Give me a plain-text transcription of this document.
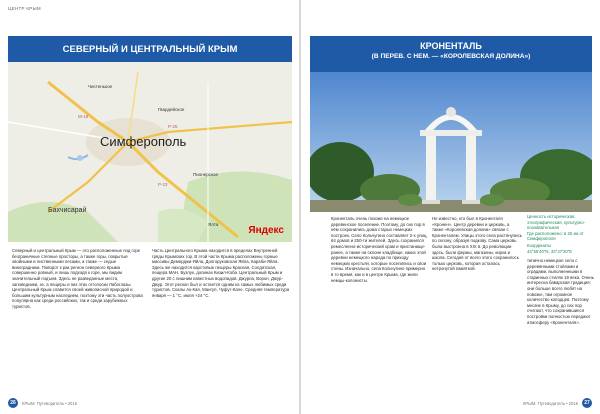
ЦЕНТР КРЫМ
СЕВЕРНЫЙ И ЦЕНТРАЛЬНЫЙ КРЫМ
Чистенькое
Гвардейское
Симферополь
Пионерское
Бахчисарай
Ялта
М-18
Р-25
Р-23
Яндекс

Северный и центральный Крым — это расположенные под горе безграничные степные просторы, а также горы, покрытые хвойными и лиственными лесами, а также — седые виноградники. Поворот к рак регион северного Крыма совершенно ровный, и лишь подходя к горе, мы видим значительный подъем. Здесь не разведанные места, заповедники, зе, а пещеры и пиз этих отголоски Лабоглазы. Центральный Крым славится своей живописной природой и большим культурным наследием, поэтому эти часть полуострова популярна как среди российских, так и среди зарубежных туристов.

Часть Центрального Крыма находится в пределах Внутренней гряды Крымских гор. В этой части Крыма расположены горные массивы Демерджи-Яйла, Долгоруковская Яйла, Караби-Яйла. Здесь же находится карстовые пещеры Красная, Солдатская, пещера МАН, Бузлук, долинах Кизил-Коба. Центральный Крым и другие 20 с лишним известных водопадов. Джурла, Ворон, Джур-Джур. Этот регион был и остается одним из самых любимых среди туристов. Скалы Ак-Кая, Мангуп, Чуфут-Кале. Средняя температура января — 1 °C, июля +24 °C.

26	КРЫМ. Путеводитель • 2016
КРОНЕНТАЛЬ
(В ПЕРЕВ. С НЕМ. — «КОРОЛЕВСКАЯ ДОЛИНА»)

Кроненталь очень похоже на немецкое деревенское поселение. Поэтому, до сих пор в нём сохранились дома старых немецких построек. Село Кольчугино составляет 2-х улиц, 64 домов и 250-ти жителей. Здесь сохранился ремесленно-исторический храм и пристанище-ранее, а также на склоне кладбище, каких этой деревни немецкого народа по приходу немецких крестьян, которые поселились и свои стены. Изначально, села Кольчугино примерно в то время, как и в центре Крыма, где жили немцы-колонисты.

Не известно, кто был в Кроненталя «Кронен». Центр деревни и церковь, а также «Королевская долина» связан с Кроненталем. Улицы этого села растянулись по склону, образуя подкову. Сама церковь была выстроена в XIX в. До революции здесь, были фермы, магазины, кирха и школа. Сегодня от всего этого сохранилось только церковь, которая осталась нетронутой памяткой.

Ценность историческая, этнографическая, культурно-познавательная
Где расположено: в 25 км от Симферополя
Координаты
44°56'40"N, 33°47'20"E

типично немецкое село с деревянными стойлами и оградами, выполненными в старинных стилях 19 века. Очень интересна баварская традиция: они больше всего любят на повозке, там огромное количество колодцев. Поэтому многие в Крыму, до сих пор считают, что сохранившиеся постройки полностью передают атмосферу «Кроненталя».

КРЫМ. Путеводитель • 2016	27
